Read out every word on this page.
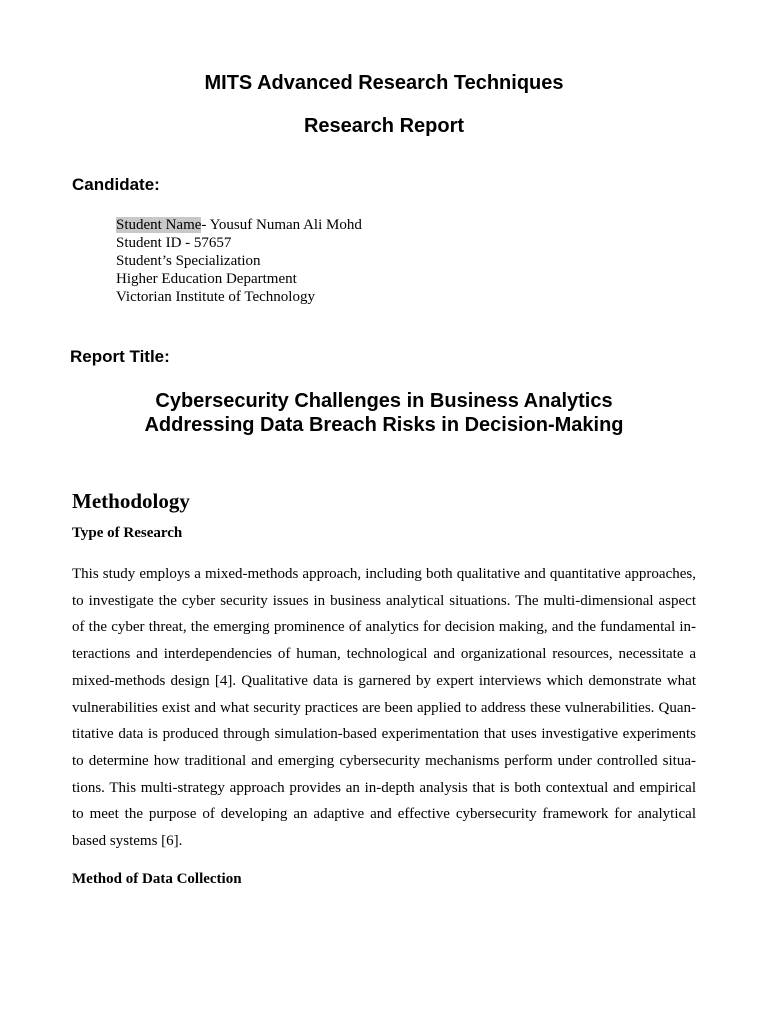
MITS Advanced Research Techniques
Research Report
Candidate:
Student Name- Yousuf Numan Ali Mohd
Student ID - 57657
Student’s Specialization
Higher Education Department
Victorian Institute of Technology
Report Title:
Cybersecurity Challenges in Business Analytics
Addressing Data Breach Risks in Decision-Making
Methodology
Type of Research
This study employs a mixed-methods approach, including both qualitative and quantitative approaches, to investigate the cyber security issues in business analytical situations. The multi-dimensional aspect of the cyber threat, the emerging prominence of analytics for decision making, and the fundamental interactions and interdependencies of human, technological and organizational resources, necessitate a mixed-methods design [4]. Qualitative data is garnered by expert interviews which demonstrate what vulnerabilities exist and what security practices are been applied to address these vulnerabilities. Quantitative data is produced through simulation-based experimentation that uses investigative experiments to determine how traditional and emerging cybersecurity mechanisms perform under controlled situations. This multi-strategy approach provides an in-depth analysis that is both contextual and empirical to meet the purpose of developing an adaptive and effective cybersecurity framework for analytical based systems [6].
Method of Data Collection
